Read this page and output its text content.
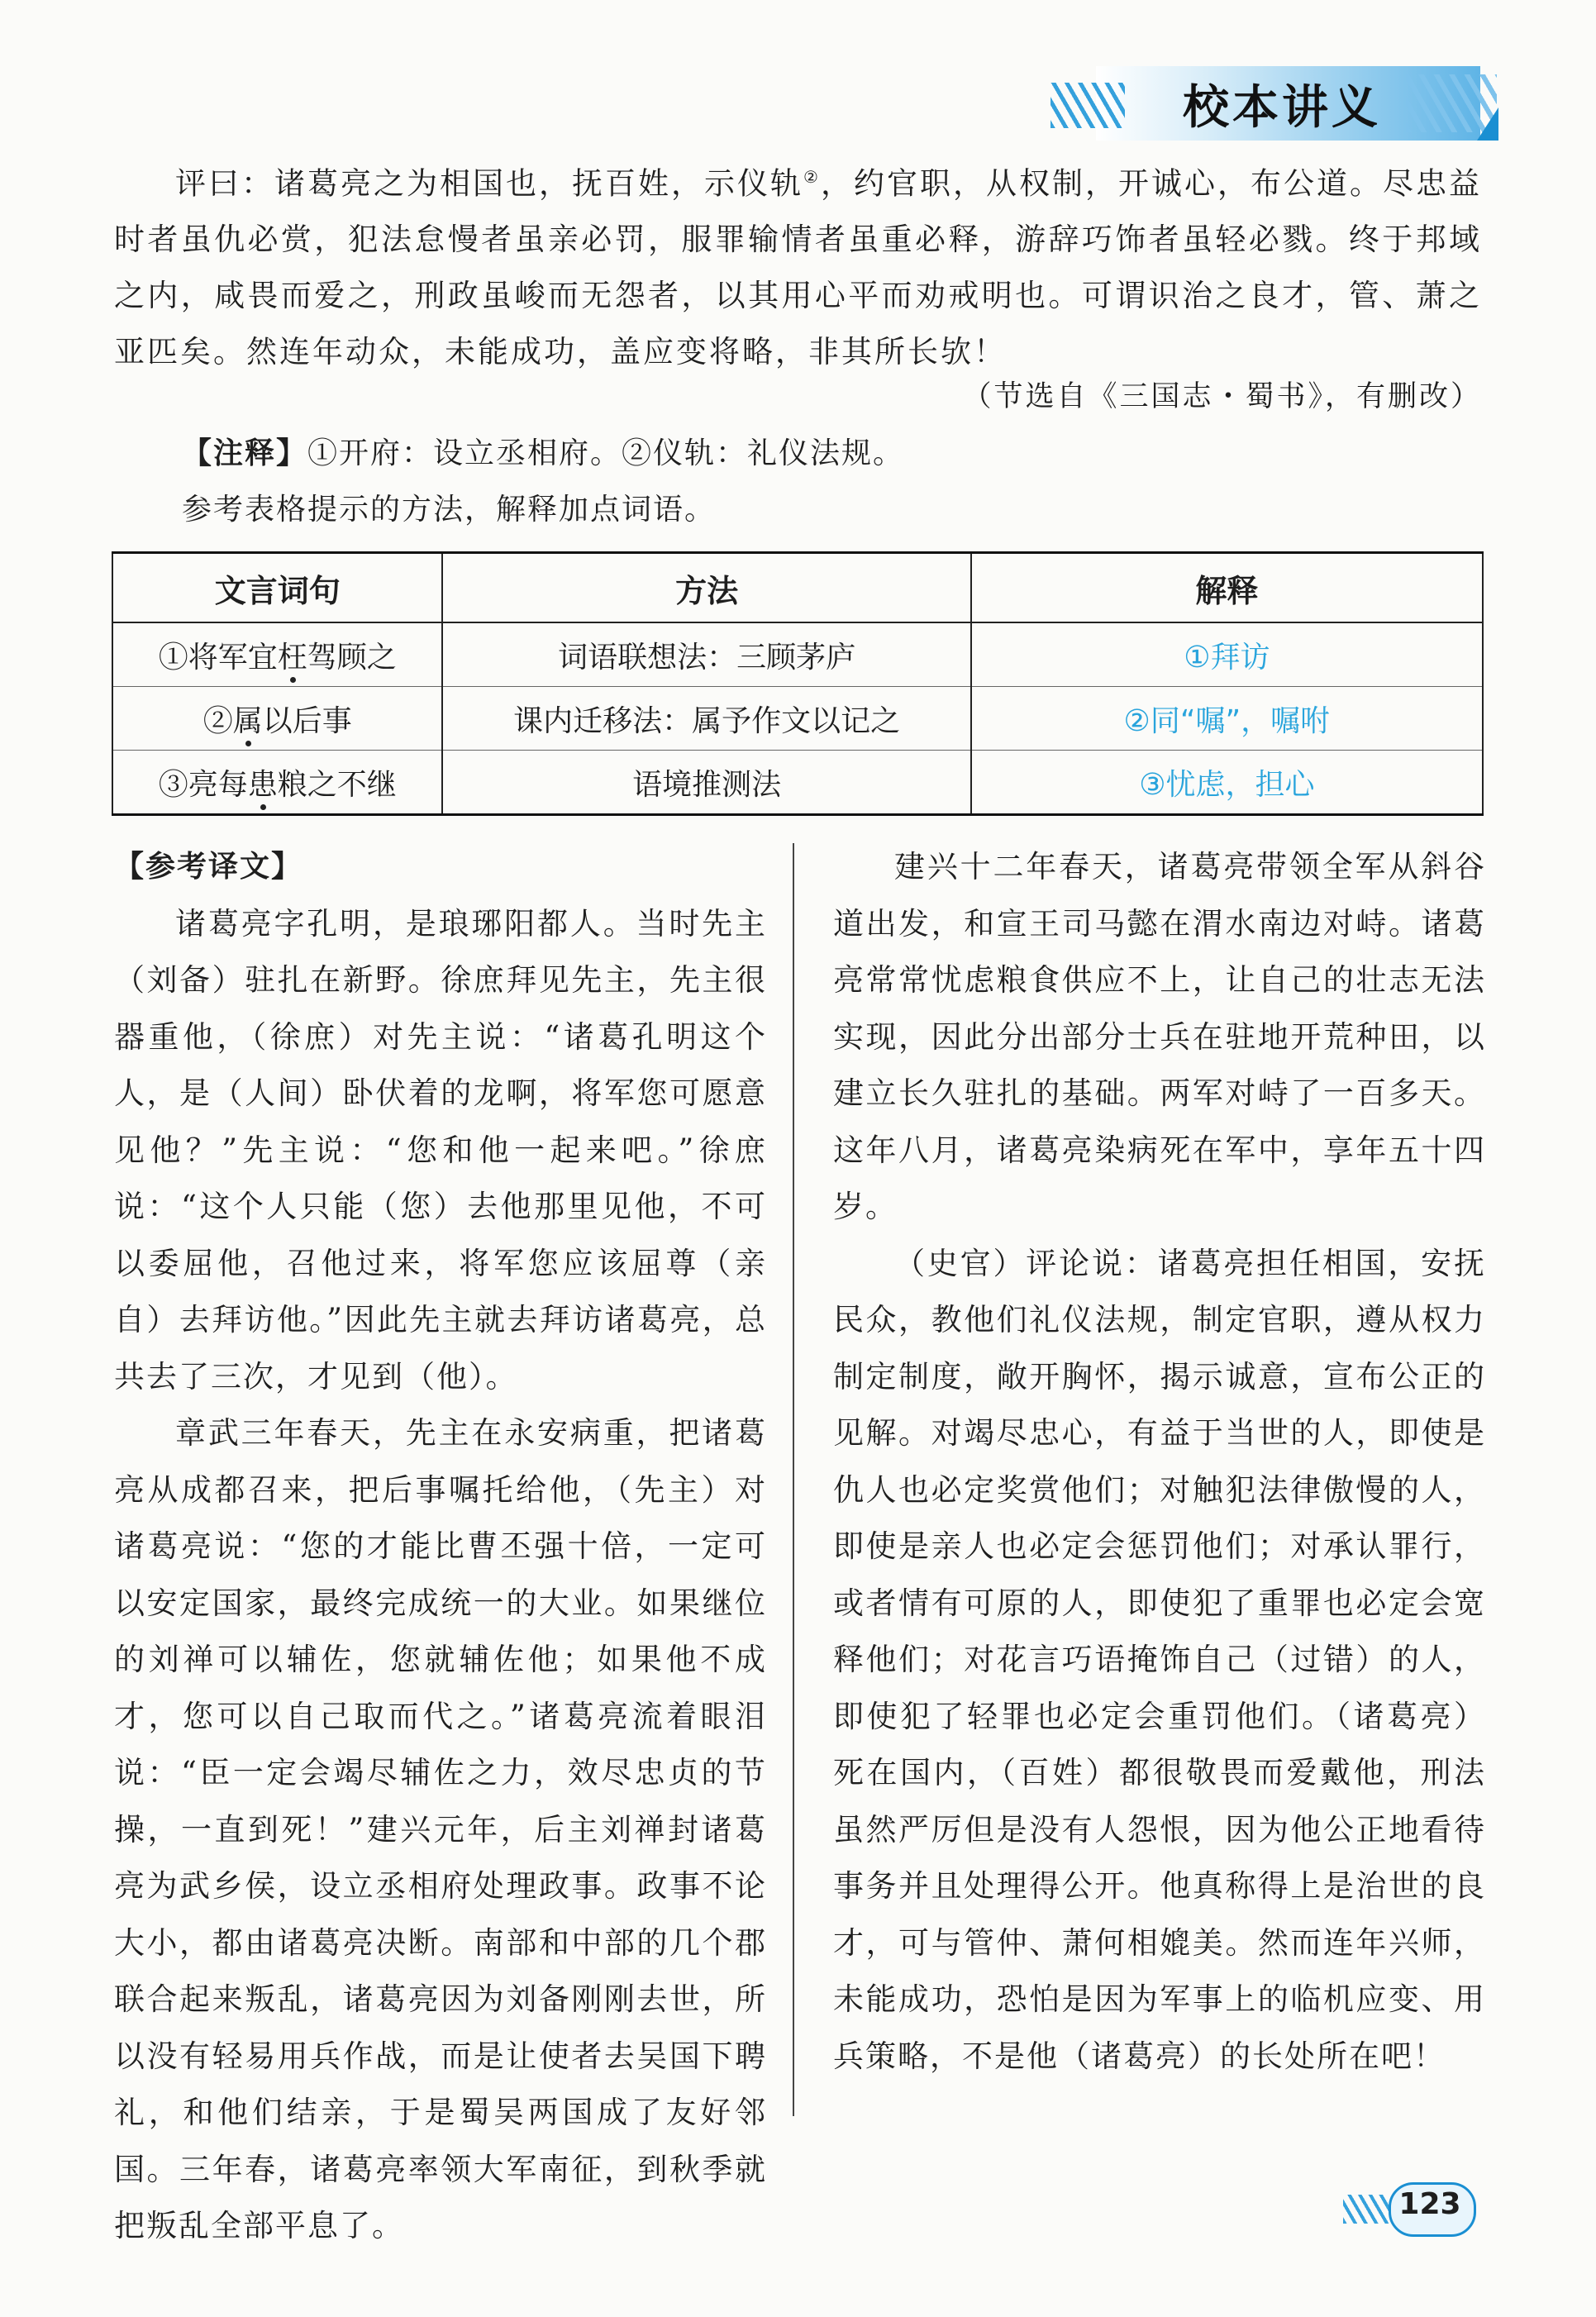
校本讲义
评曰：诸葛亮之为相国也，抚百姓，示仪轨②，约官职，从权制，开诚心，布公道。尽忠益时者虽仇必赏，犯法怠慢者虽亲必罚，服罪输情者虽重必释，游辞巧饰者虽轻必戮。终于邦域之内，咸畏而爱之，刑政虽峻而无怨者，以其用心平而劝戒明也。可谓识治之良才，管、萧之亚匹矣。然连年动众，未能成功，盖应变将略，非其所长欤！
（节选自《三国志・蜀书》，有删改）
【注释】①开府：设立丞相府。②仪轨：礼仪法规。
参考表格提示的方法，解释加点词语。
文言词句	方法	解释
①将军宜枉驾顾之	词语联想法：三顾茅庐	①拜访
②属以后事	课内迁移法：属予作文以记之	②同“嘱”，嘱咐
③亮每患粮之不继	语境推测法	③忧虑，担心

【参考译文】

诸葛亮字孔明，是琅琊阳都人。当时先主（刘备）驻扎在新野。徐庶拜见先主，先主很器重他，（徐庶）对先主说：“诸葛孔明这个人，是（人间）卧伏着的龙啊，将军您可愿意见他？”先主说：“您和他一起来吧。”徐庶说：“这个人只能（您）去他那里见他，不可以委屈他，召他过来，将军您应该屈尊（亲自）去拜访他。”因此先主就去拜访诸葛亮，总共去了三次，才见到（他）。

章武三年春天，先主在永安病重，把诸葛亮从成都召来，把后事嘱托给他，（先主）对诸葛亮说：“您的才能比曹丕强十倍，一定可以安定国家，最终完成统一的大业。如果继位的刘禅可以辅佐，您就辅佐他；如果他不成才，您可以自己取而代之。”诸葛亮流着眼泪说：“臣一定会竭尽辅佐之力，效尽忠贞的节操，一直到死！”建兴元年，后主刘禅封诸葛亮为武乡侯，设立丞相府处理政事。政事不论大小，都由诸葛亮决断。南部和中部的几个郡联合起来叛乱，诸葛亮因为刘备刚刚去世，所以没有轻易用兵作战，而是让使者去吴国下聘礼，和他们结亲，于是蜀吴两国成了友好邻国。三年春，诸葛亮率领大军南征，到秋季就把叛乱全部平息了。

建兴十二年春天，诸葛亮带领全军从斜谷道出发，和宣王司马懿在渭水南边对峙。诸葛亮常常忧虑粮食供应不上，让自己的壮志无法实现，因此分出部分士兵在驻地开荒种田，以建立长久驻扎的基础。两军对峙了一百多天。这年八月，诸葛亮染病死在军中，享年五十四岁。

（史官）评论说：诸葛亮担任相国，安抚民众，教他们礼仪法规，制定官职，遵从权力制定制度，敞开胸怀，揭示诚意，宣布公正的见解。对竭尽忠心，有益于当世的人，即使是仇人也必定奖赏他们；对触犯法律傲慢的人，即使是亲人也必定会惩罚他们；对承认罪行，或者情有可原的人，即使犯了重罪也必定会宽释他们；对花言巧语掩饰自己（过错）的人，即使犯了轻罪也必定会重罚他们。（诸葛亮）死在国内，（百姓）都很敬畏而爱戴他，刑法虽然严厉但是没有人怨恨，因为他公正地看待事务并且处理得公开。他真称得上是治世的良才，可与管仲、萧何相媲美。然而连年兴师，未能成功，恐怕是因为军事上的临机应变、用兵策略，不是他（诸葛亮）的长处所在吧！

123
